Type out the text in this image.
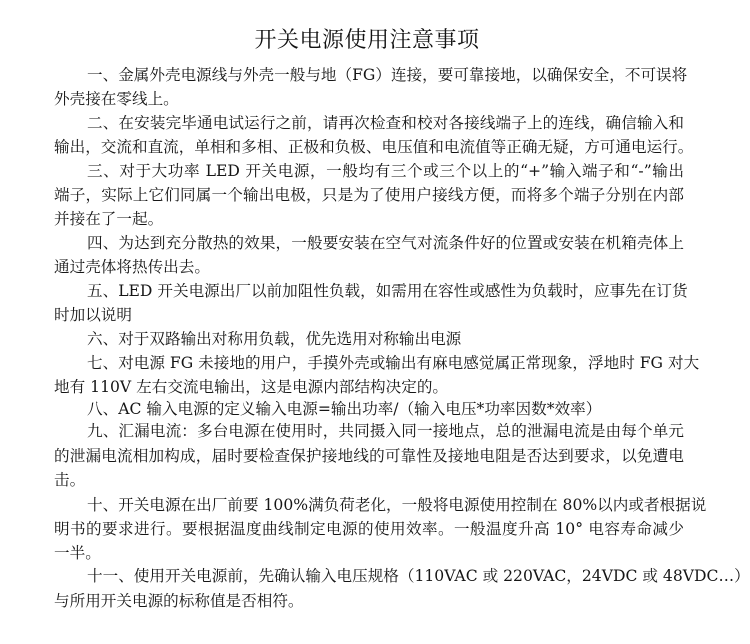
开关电源使用注意事项
一、金属外壳电源线与外壳一般与地（FG）连接，要可靠接地，以确保安全，不可误将
外壳接在零线上。
二、在安装完毕通电试运行之前，请再次检查和校对各接线端子上的连线，确信输入和
输出，交流和直流，单相和多相、正极和负极、电压值和电流值等正确无疑，方可通电运行。
三、对于大功率 LED 开关电源，一般均有三个或三个以上的“+”输入端子和“-”输出
端子，实际上它们同属一个输出电极，只是为了使用户接线方便，而将多个端子分别在内部
并接在了一起。
四、为达到充分散热的效果，一般要安装在空气对流条件好的位置或安装在机箱壳体上
通过壳体将热传出去。
五、LED 开关电源出厂以前加阻性负载，如需用在容性或感性为负载时，应事先在订货
时加以说明
六、对于双路输出对称用负载，优先选用对称输出电源
七、对电源 FG 未接地的用户，手摸外壳或输出有麻电感觉属正常现象，浮地时 FG 对大
地有 110V 左右交流电输出，这是电源内部结构决定的。
八、AC 输入电源的定义输入电源=输出功率/（输入电压*功率因数*效率）
九、汇漏电流：多台电源在使用时，共同摄入同一接地点，总的泄漏电流是由每个单元
的泄漏电流相加构成，届时要检查保护接地线的可靠性及接地电阻是否达到要求，以免遭电
击。
十、开关电源在出厂前要 100%满负荷老化，一般将电源使用控制在 80%以内或者根据说
明书的要求进行。要根据温度曲线制定电源的使用效率。一般温度升高 10° 电容寿命减少
一半。
十一、使用开关电源前，先确认输入电压规格（110VAC 或 220VAC，24VDC 或 48VDC…）
与所用开关电源的标称值是否相符。
